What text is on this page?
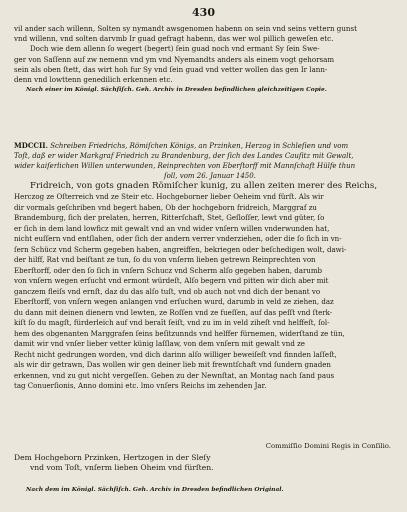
430
vil ander sach willenn, Solten sy nymandt awsgenomen habenn on sein vnd seins vettern gunst
vnd willenn, vnd solten darvmb Ir guad gefragt habenn, das wer wol pillich geweſen etc.
Doch wie dem allenn ſo wegert (begert) ſein guad noch vnd ermant Sy ſein Swe-
ger von Saſſenn auf zw nemenn vnd ym vnd Nyemandts anders als einem vogt gehorsam
sein als oben ſtett, das wirt hoh fur Sy vnd ſein guad vnd vetter wollen das gen Ir lann-
denn vnd lowttenn genedilich erkennen etc.
Nach einer im Königl. Sächſiſch. Geh. Archiv in Dresden befindlichen gleichzeitigen Copie.
MDCCII. Schreiben Friedrichs, Römiſchen Königs, an Przinken, Herzog in Schleſien und vom
Toſt, daß er wider Markgraf Friedrich zu Brandenburg, der ſich des Landes Cauſitz mit Gewalt,
wider kaiſerlichen Willen unterwunden, Reinprechten von Eberſtorff mit Mannſchaft Hülfe thun
ſoll, vom 26. Januar 1450.
Fridreich, von gots gnaden Römiſcher kunig, zu allen zeiten merer des Reichs,
Herczog ze Oſterreich vnd ze Steir etc. Hochgeborner lieber Oeheim vnd fürſt. Als wir
dir vormals geſchriben vnd begert haben, Ob der hochgeborn fridreich, Marggraf zu
Brandemburg, ſich der prelaten, herren, Ritterſchaft, Stet, Geſloſſer, lewt vnd güter, ſo
er ſich in dem land lowficz mit gewalt vnd an vnd wider vnſern willen vnderwunden hat,
nicht euſſern vnd entſlahen, oder ſich der andern verrer vnderziehen, oder die ſo ſich in vn-
ſern Schücz vnd Scherm gegeben haben, angreiffen, bekriegen oder beſchedigen wolt, dawi-
der hilff, Rat vnd beiſtant ze tun, ſo du von vnſerm lieben getrewn Reinprechten von
Eberſtorff, oder den ſo ſich in vnſern Schucz vnd Scherm alſo gegeben haben, darumb
von vnſern wegen erſucht vnd ermont würdeſt, Alſo begern vnd pitten wir dich aber mit
ganczem fleiſs vnd ernſt, daz du das alſo tuſt, vnd ob auch not vnd dich der benant vo
Eberſtorff, von vnſern wegen anlangen vnd erſuchen wurd, darumb in veld ze ziehen, daz
du dann mit deinen dienern vnd lewten, ze Roſſen vnd ze fueſſen, auf das peſſt vnd ſterk-
kiſt ſo du magſt, fürderleich auf vnd beraît ſeiſt, vnd zu im in veld ziheſt vnd helffeſt, ſol-
hem des obgenanten Marggrafen ſeins beſitzunnds vnd helffer fürnemen, widerſtand ze tün,
damit wir vnd vnſer lieber vetter künig laſſlaw, von dem vnſern mit gewalt vnd ze
Recht nicht gedrungen worden, vnd dich darinn alſo williger beweiſeſt vnd finnden laſſeſt,
als wir dir getrawn, Das wollen wir gen deiner lieb mit frewntſchaft vnd ſundern gnaden
erkennen, vnd zu gut nicht vergeſſen. Geben zu der Newnſtat, an Montag nach ſand paus
tag Conuerſionis, Anno domini etc. lmo vnſers Reichs im zehenden Jar.
Commiſſio Domini Regis in Conſilio.
Dem Hochgeborn Przinken, Hertzogen in der Sleſy
vnd vom Toſt, vnſerm lieben Oheim vnd fürſten.
Nach dem im Königl. Sächſiſch. Geh. Archiv in Dresden befindlichen Original.
